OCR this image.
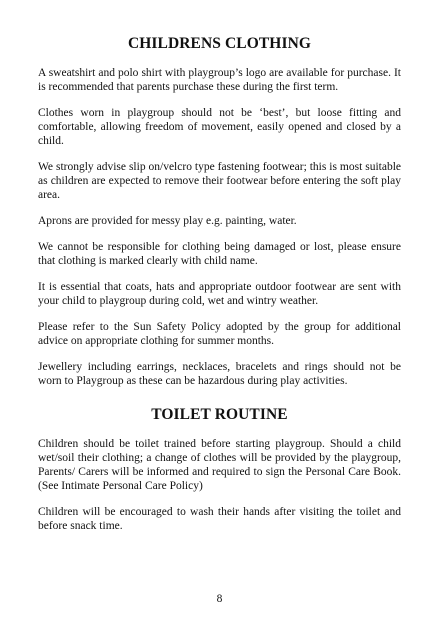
CHILDRENS CLOTHING

A sweatshirt and polo shirt with playgroup’s logo are available for purchase. It is recommended that parents purchase these during the first term.

Clothes worn in playgroup should not be ‘best’, but loose fitting and comfortable, allowing freedom of movement, easily opened and closed by a child.

We strongly advise slip on/velcro type fastening footwear; this is most suitable as children are expected to remove their footwear before entering the soft play area.

Aprons are provided for messy play e.g. painting, water.

We cannot be responsible for clothing being damaged or lost, please ensure that clothing is marked clearly with child name.

It is essential that coats, hats and appropriate outdoor footwear are sent with your child to playgroup during cold, wet and wintry weather.

Please refer to the Sun Safety Policy adopted by the group for additional advice on appropriate clothing for summer months.

Jewellery including earrings, necklaces, bracelets and rings should not be worn to Playgroup as these can be hazardous during play activities.

TOILET ROUTINE

Children should be toilet trained before starting playgroup. Should a child wet/soil their clothing; a change of clothes will be provided by the playgroup, Parents/ Carers will be informed and required to sign the Personal Care Book. (See Intimate Personal Care Policy)

Children will be encouraged to wash their hands after visiting the toilet and before snack time.

8
